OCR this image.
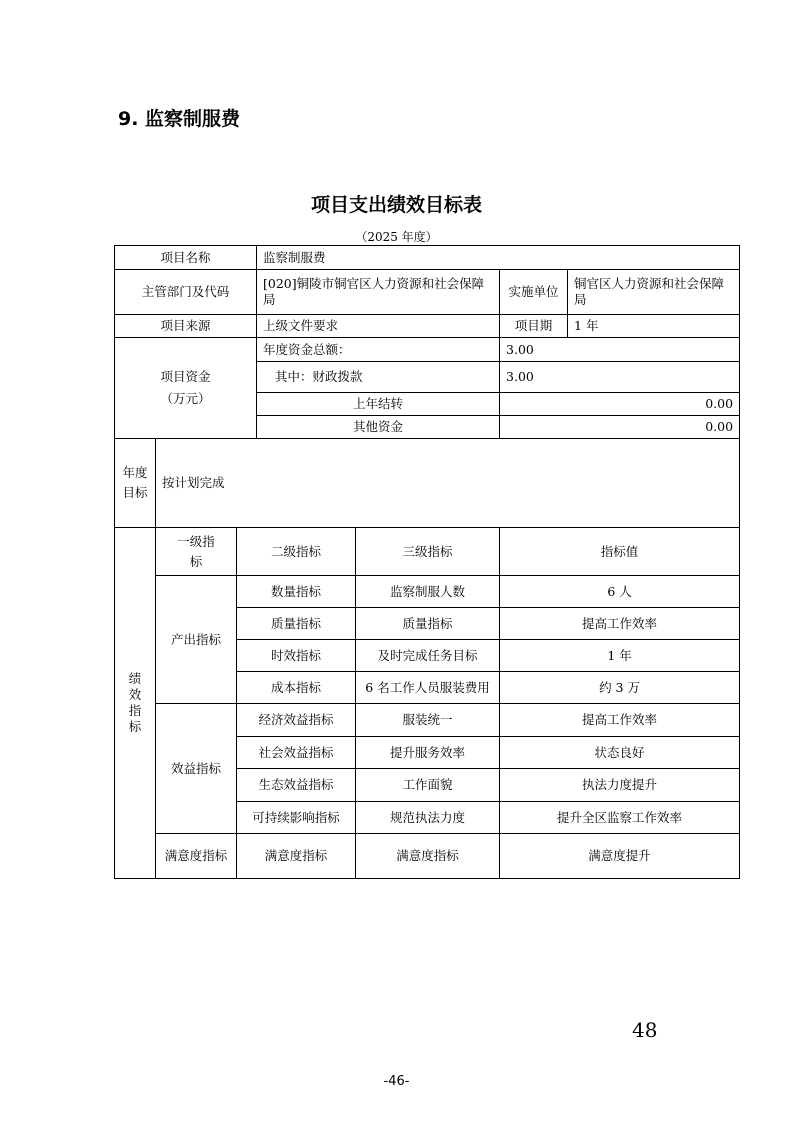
9. 监察制服费
项目支出绩效目标表
（2025 年度）
项目名称			监察制服费			
主管部门及代码			[020]铜陵市铜官区人力资源和社会保障局		实施单位	铜官区人力资源和社会保障局
项目来源			上级文件要求		项目期	1 年
项目资金
（万元）			年度资金总额：		3.00	
			其中：财政拨款		3.00	
			上年结转		0.00	
			其他资金		0.00	
年度目标	按计划完成					
绩效指标	一级指标	二级指标		三级指标	指标值	
	产出指标	数量指标		监察制服人数	6 人	
		质量指标		质量指标	提高工作效率	
		时效指标		及时完成任务目标	1 年	
		成本指标		6 名工作人员服装费用	约 3 万	
	效益指标	经济效益指标		服装统一	提高工作效率	
		社会效益指标		提升服务效率	状态良好	
		生态效益指标		工作面貌	执法力度提升	
		可持续影响指标		规范执法力度	提升全区监察工作效率	
	满意度指标	满意度指标		满意度指标	满意度提升	
48
-46-
